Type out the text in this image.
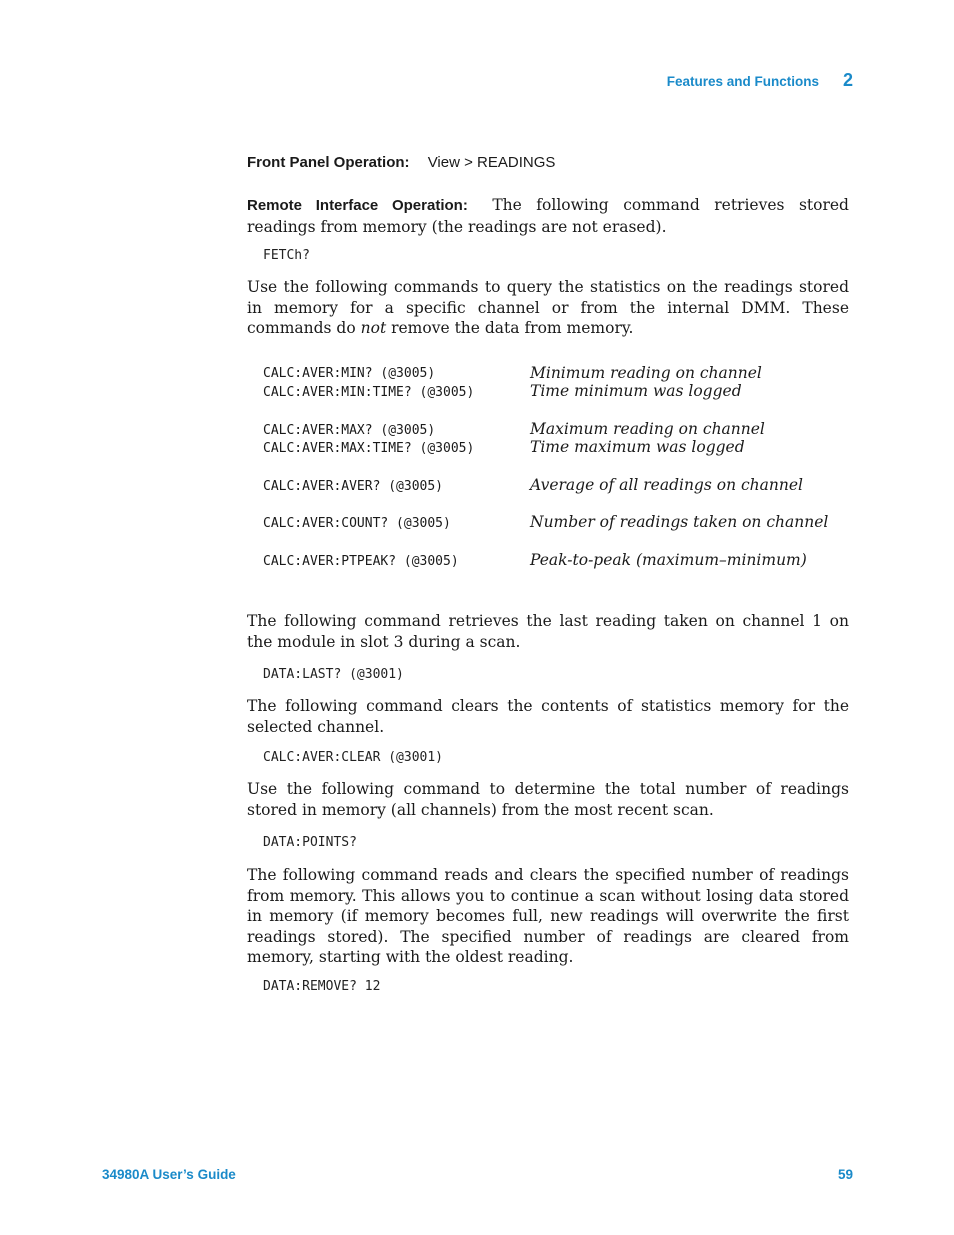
Features and Functions 2
Front Panel Operation: View > READINGS

Remote Interface Operation: The following command retrieves stored readings from memory (the readings are not erased).

FETCh?

Use the following commands to query the statistics on the readings stored in memory for a specific channel or from the internal DMM. These commands do not remove the data from memory.

CALC:AVER:MIN? (@3005)	Minimum reading on channel
CALC:AVER:MIN:TIME? (@3005)	Time minimum was logged
CALC:AVER:MAX? (@3005)	Maximum reading on channel
CALC:AVER:MAX:TIME? (@3005)	Time maximum was logged
CALC:AVER:AVER? (@3005)	Average of all readings on channel
CALC:AVER:COUNT? (@3005)	Number of readings taken on channel
CALC:AVER:PTPEAK? (@3005)	Peak-to-peak (maximum–minimum)

The following command retrieves the last reading taken on channel 1 on the module in slot 3 during a scan.

DATA:LAST? (@3001)

The following command clears the contents of statistics memory for the selected channel.

CALC:AVER:CLEAR (@3001)

Use the following command to determine the total number of readings stored in memory (all channels) from the most recent scan.

DATA:POINTS?

The following command reads and clears the specified number of readings from memory. This allows you to continue a scan without losing data stored in memory (if memory becomes full, new readings will overwrite the first readings stored). The specified number of readings are cleared from memory, starting with the oldest reading.

DATA:REMOVE? 12
34980A User’s Guide	59
